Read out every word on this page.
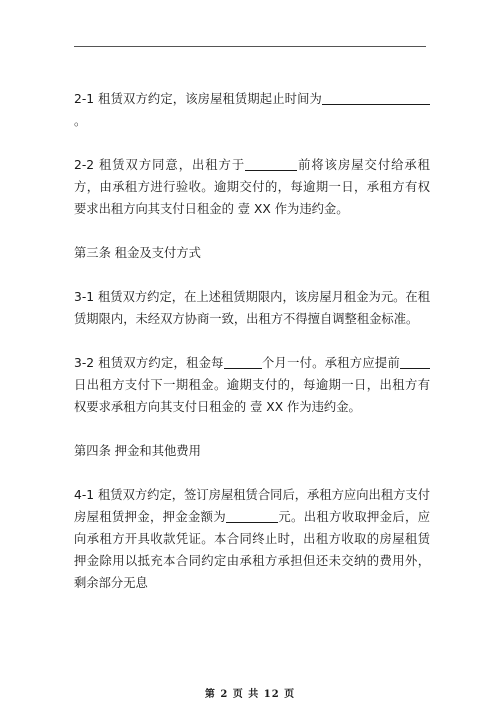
2-1 租赁双方约定，该房屋租赁期起止时间为。

2-2 租赁双方同意，出租方于	前将该房屋交付给承租方，由承租方进行验收。逾期交付的，每逾期一日，承租方有权要求出租方向其支付日租金的 壹 XX 作为违约金。

第三条 租金及支付方式

3-1 租赁双方约定，在上述租赁期限内，该房屋月租金为元。在租赁期限内，未经双方协商一致，出租方不得擅自调整租金标准。

3-2 租赁双方约定，租金每	个月一付。承租方应提前日出租方支付下一期租金。逾期支付的，每逾期一日，出租方有权要求承租方向其支付日租金的 壹 XX 作为违约金。

第四条 押金和其他费用

4-1 租赁双方约定，签订房屋租赁合同后，承租方应向出租方支付房屋租赁押金，押金金额为	元。出租方收取押金后，应向承租方开具收款凭证。本合同终止时，出租方收取的房屋租赁押金除用以抵充本合同约定由承租方承担但还未交纳的费用外，剩余部分无息

第 2 页 共 12 页
